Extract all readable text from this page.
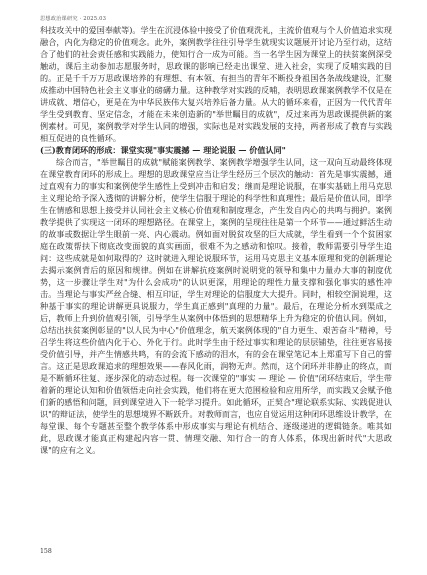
思想政治课研究 · 2025.03

科技攻关中的爱国奉献等)。学生在沉浸体验中接受了价值观洗礼，主流价值观与个人价值追求实现融合，内化为稳定的价值观念。此外，案例教学往往引导学生就现实议题展开讨论乃至行动，这结合了他们的社会责任感和实践能力，使知行合一成为可能。当一名学生因为课堂上的扶贫案例深受触动，课后主动参加志愿服务时，思政课的影响已经走出课堂、进入社会，实现了反哺实践的目的。正是千千万万思政课培养的有理想、有本领、有担当的青年不断投身祖国各条战线建设，汇聚成推动中国特色社会主义事业的磅礴力量。这种教学对实践的反哺，表明思政课案例教学不仅是在讲成就、增信心，更是在为中华民族伟大复兴培养后备力量。从大的循环来看，正因为一代代青年学生受到教育、坚定信念，才能在未来创造新的"举世瞩目的成就"，反过来再为思政课提供新的案例素材。可见，案例教学对学生认同的增强，实际也是对实践发展的支持，两者形成了教育与实践相互促进的良性循环。

(三)教育闭环的形成：课堂实现"事实震撼 — 理论说服 — 价值认同"

综合而言，"举世瞩目的成就"赋能案例教学、案例教学增强学生认同，这一双向互动最终体现在课堂教育闭环的形成上。理想的思政课堂应当让学生经历三个层次的触动：首先是事实震撼，通过直观有力的事实和案例使学生感性上受到冲击和启发；继而是理论说服，在事实基础上用马克思主义理论给予深入透彻的讲解分析，使学生信服于理论的科学性和真理性；最后是价值认同，即学生在情感和思想上接受并认同社会主义核心价值观和制度理念，产生发自内心的共鸣与拥护。案例教学提供了实现这一闭环的理想路径。在课堂上，案例的呈现往往是第一个环节——通过鲜活生动的故事或数据让学生眼前一亮、内心震动。例如面对脱贫攻坚的巨大成就，学生看到一个个贫困家庭在政策帮扶下彻底改变面貌的真实画面，很难不为之感动和惊叹。接着，教师需要引导学生追问：这些成就是如何取得的？这时就进入理论说服环节，运用马克思主义基本原理和党的创新理论去揭示案例背后的原因和规律。例如在讲解抗疫案例时说明党的领导和集中力量办大事的制度优势，这一步骤让学生对"为什么会成功"的认识更深，用理论的理性力量支撑和强化事实的感性冲击。当理论与事实严丝合缝、相互印证，学生对理论的信服度大大提升。同时，相较空洞说理，这种基于事实的理论讲解更具说服力，学生真正感到"真理的力量"。最后，在理论分析水到渠成之后，教师上升到价值观引领，引导学生从案例中体悟到的思想精华上升为稳定的价值认同。例如，总结出扶贫案例彰显的"以人民为中心"价值理念，航天案例体现的"自力更生、艰苦奋斗"精神，号召学生将这些价值内化于心、外化于行。此时学生由于经过事实和理论的层层铺垫，往往更容易接受价值引导，并产生情感共鸣，有的会流下感动的泪水，有的会在课堂笔记本上郑重写下自己的誓言。这正是思政课追求的理想效果——春风化雨，润物无声。然而，这个闭环并非静止的终点，而是不断循环往复、逐步深化的动态过程。每一次课堂的"事实 — 理论 — 价值"闭环结束后，学生带着新的理论认知和价值领悟走向社会实践，他们将在更大范围检验和应用所学，而实践又会赋予他们新的感悟和问题，回到课堂进入下一轮学习提升。如此循环，正契合"理论联系实际、实践促进认识"的辩证法，使学生的思想境界不断跃升。对教师而言，也应自觉运用这种闭环思维设计教学，在每堂课、每个专题甚至整个教学体系中形成事实与理论有机结合、逐级递进的逻辑链条。唯其如此，思政课才能真正构建起内容一贯、情理交融、知行合一的育人体系，体现出新时代"大思政课"的应有之义。

158
